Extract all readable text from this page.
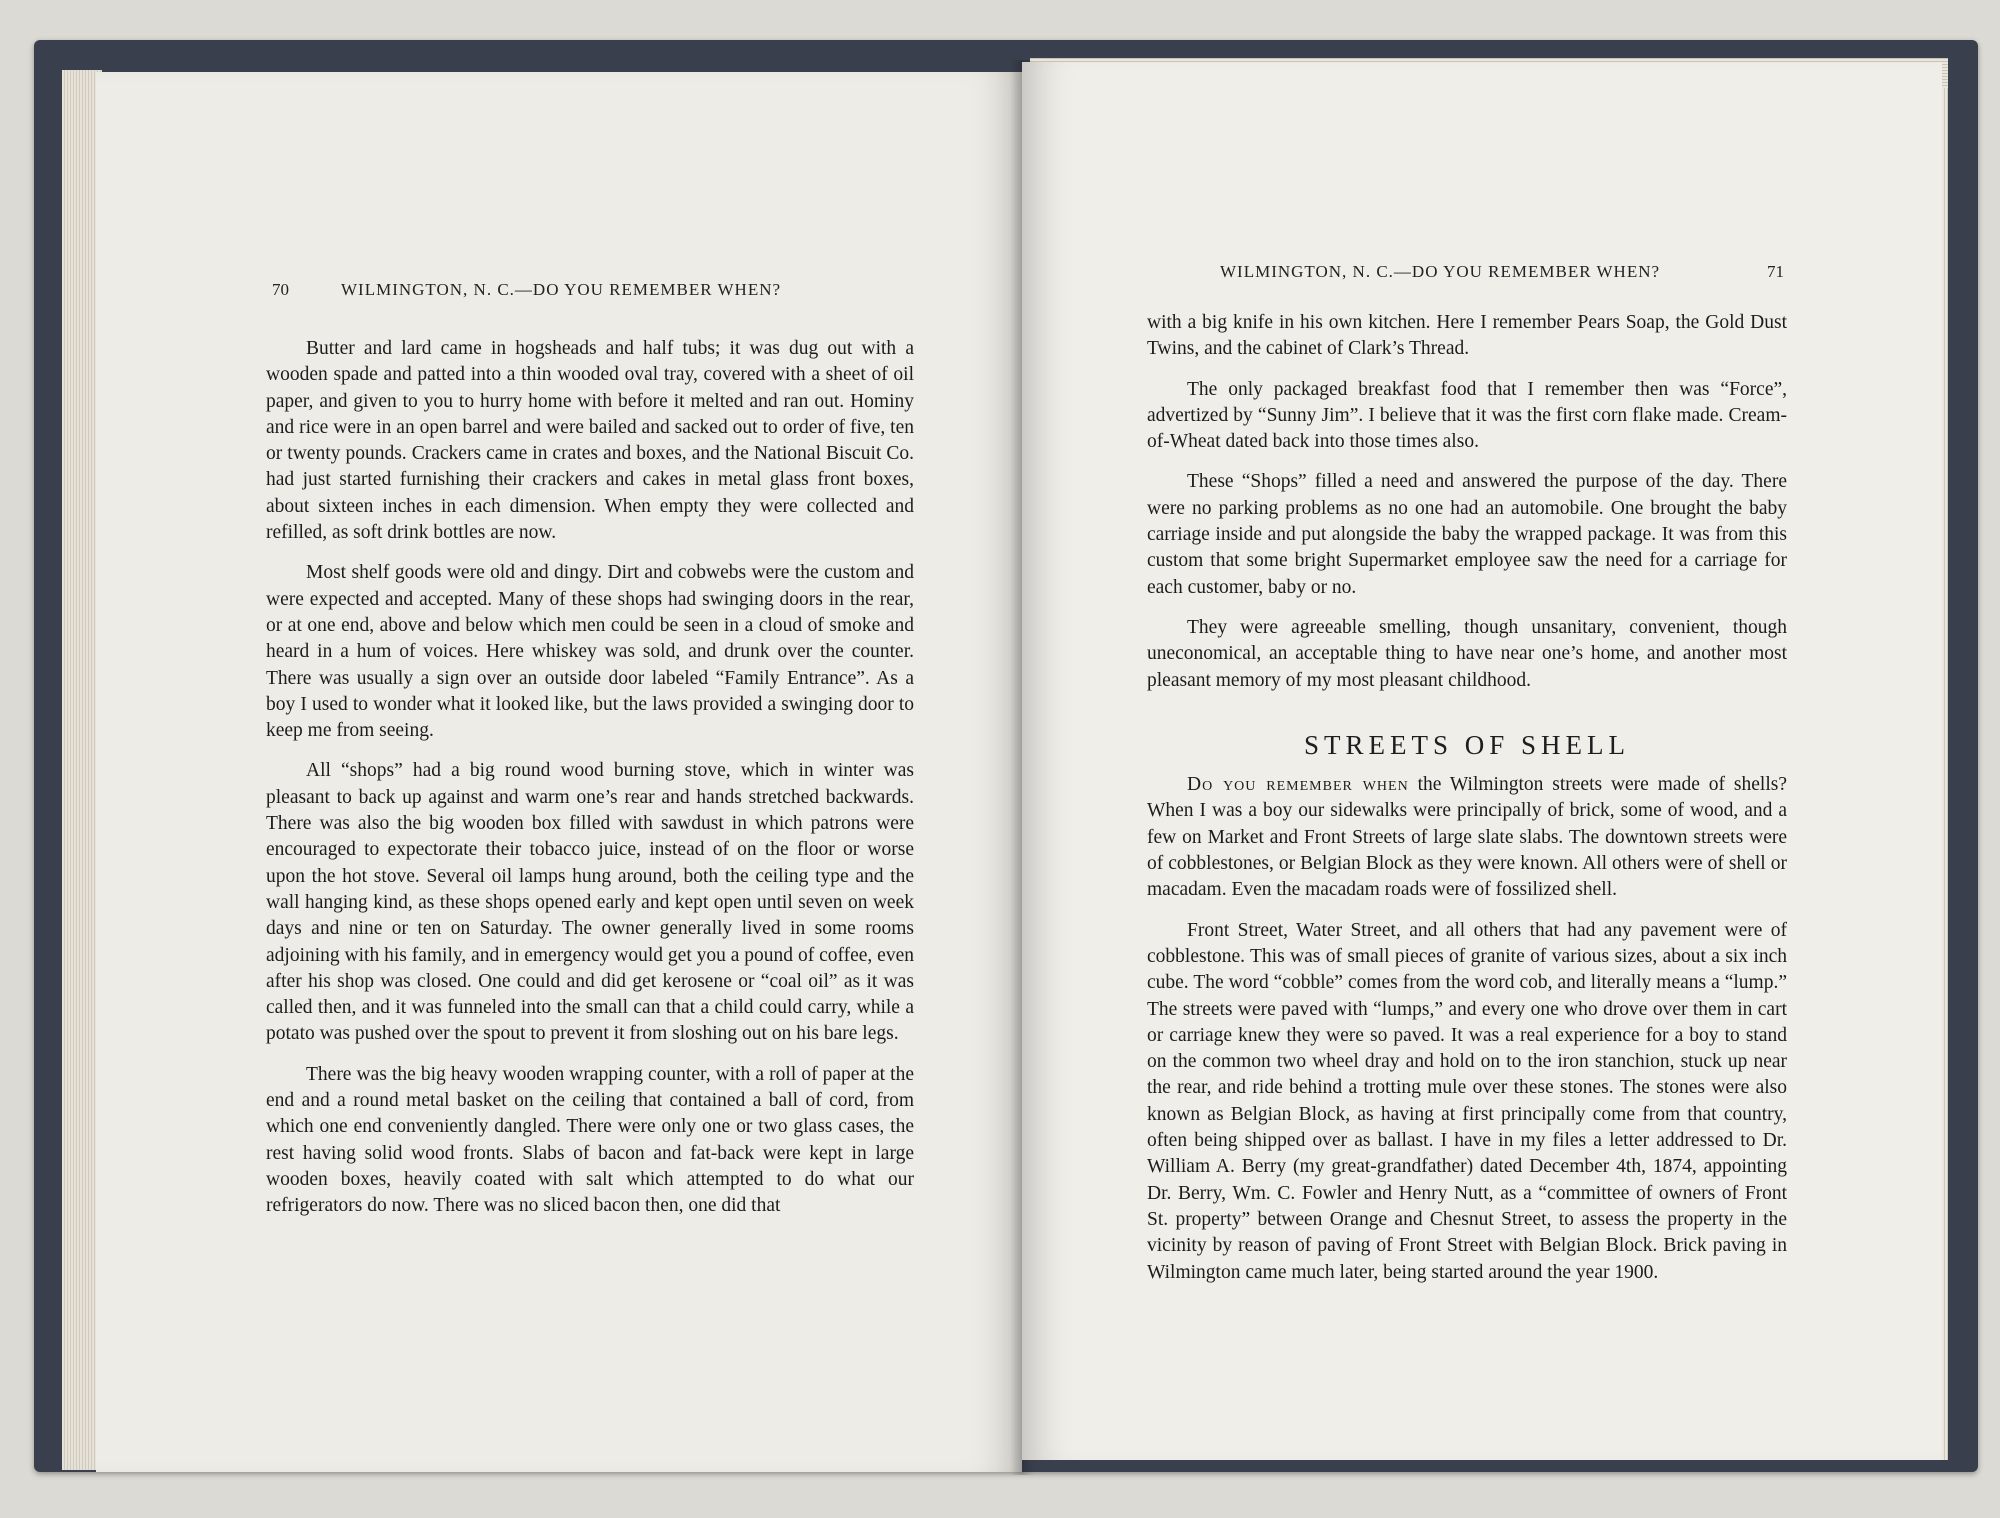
70	WILMINGTON, N. C.—DO YOU REMEMBER WHEN?

Butter and lard came in hogsheads and half tubs; it was dug out with a wooden spade and patted into a thin wooded oval tray, covered with a sheet of oil paper, and given to you to hurry home with before it melted and ran out. Hominy and rice were in an open barrel and were bailed and sacked out to order of five, ten or twenty pounds. Crackers came in crates and boxes, and the National Biscuit Co. had just started furnishing their crackers and cakes in metal glass front boxes, about sixteen inches in each dimension. When empty they were collected and refilled, as soft drink bottles are now.

Most shelf goods were old and dingy. Dirt and cobwebs were the custom and were expected and accepted. Many of these shops had swinging doors in the rear, or at one end, above and below which men could be seen in a cloud of smoke and heard in a hum of voices. Here whiskey was sold, and drunk over the counter. There was usually a sign over an outside door labeled “Family Entrance”. As a boy I used to wonder what it looked like, but the laws provided a swinging door to keep me from seeing.

All “shops” had a big round wood burning stove, which in winter was pleasant to back up against and warm one’s rear and hands stretched backwards. There was also the big wooden box filled with sawdust in which patrons were encouraged to expectorate their tobacco juice, instead of on the floor or worse upon the hot stove. Several oil lamps hung around, both the ceiling type and the wall hanging kind, as these shops opened early and kept open until seven on week days and nine or ten on Saturday. The owner generally lived in some rooms adjoining with his family, and in emergency would get you a pound of coffee, even after his shop was closed. One could and did get kerosene or “coal oil” as it was called then, and it was funneled into the small can that a child could carry, while a potato was pushed over the spout to prevent it from sloshing out on his bare legs.

There was the big heavy wooden wrapping counter, with a roll of paper at the end and a round metal basket on the ceiling that contained a ball of cord, from which one end conveniently dangled. There were only one or two glass cases, the rest having solid wood fronts. Slabs of bacon and fat-back were kept in large wooden boxes, heavily coated with salt which attempted to do what our refrigerators do now. There was no sliced bacon then, one did that

WILMINGTON, N. C.—DO YOU REMEMBER WHEN?	71

with a big knife in his own kitchen. Here I remember Pears Soap, the Gold Dust Twins, and the cabinet of Clark’s Thread.

The only packaged breakfast food that I remember then was “Force”, advertized by “Sunny Jim”. I believe that it was the first corn flake made. Cream-of-Wheat dated back into those times also.

These “Shops” filled a need and answered the purpose of the day. There were no parking problems as no one had an automobile. One brought the baby carriage inside and put alongside the baby the wrapped package. It was from this custom that some bright Supermarket employee saw the need for a carriage for each customer, baby or no.

They were agreeable smelling, though unsanitary, convenient, though uneconomical, an acceptable thing to have near one’s home, and another most pleasant memory of my most pleasant childhood.

STREETS OF SHELL

Do you remember when the Wilmington streets were made of shells? When I was a boy our sidewalks were principally of brick, some of wood, and a few on Market and Front Streets of large slate slabs. The downtown streets were of cobblestones, or Belgian Block as they were known. All others were of shell or macadam. Even the macadam roads were of fossilized shell.

Front Street, Water Street, and all others that had any pavement were of cobblestone. This was of small pieces of granite of various sizes, about a six inch cube. The word “cobble” comes from the word cob, and literally means a “lump.” The streets were paved with “lumps,” and every one who drove over them in cart or carriage knew they were so paved. It was a real experience for a boy to stand on the common two wheel dray and hold on to the iron stanchion, stuck up near the rear, and ride behind a trotting mule over these stones. The stones were also known as Belgian Block, as having at first principally come from that country, often being shipped over as ballast. I have in my files a letter addressed to Dr. William A. Berry (my great-grandfather) dated December 4th, 1874, appointing Dr. Berry, Wm. C. Fowler and Henry Nutt, as a “committee of owners of Front St. property” between Orange and Chesnut Street, to assess the property in the vicinity by reason of paving of Front Street with Belgian Block. Brick paving in Wilmington came much later, being started around the year 1900.
